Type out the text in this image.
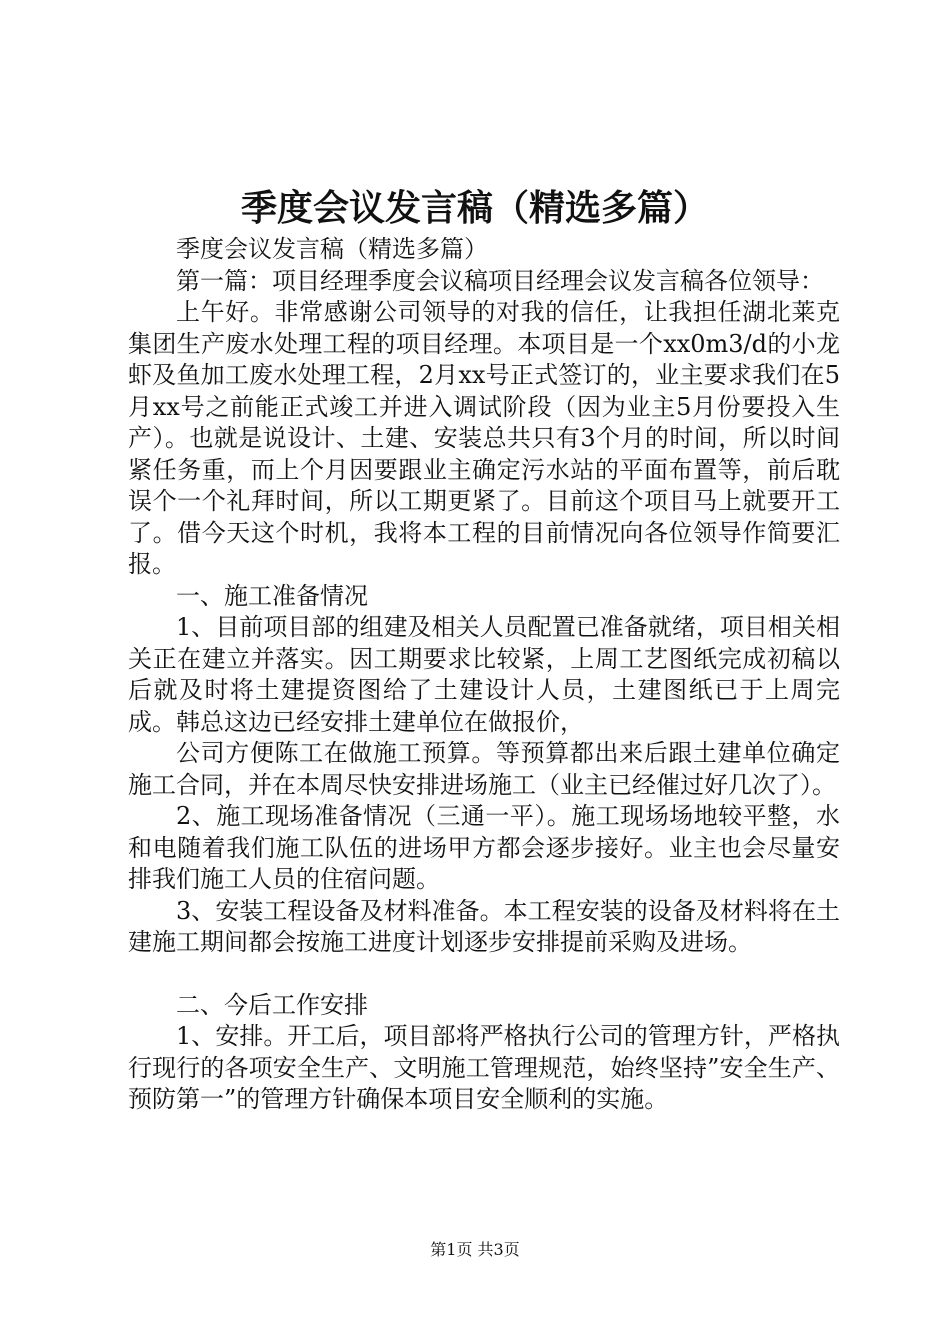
季度会议发言稿（精选多篇）

季度会议发言稿（精选多篇）

第一篇：项目经理季度会议稿项目经理会议发言稿各位领导：

上午好。非常感谢公司领导的对我的信任，让我担任湖北莱克集团生产废水处理工程的项目经理。本项目是一个xx0m3/d的小龙虾及鱼加工废水处理工程，2月xx号正式签订的，业主要求我们在5月xx号之前能正式竣工并进入调试阶段（因为业主5月份要投入生产）。也就是说设计、土建、安装总共只有3个月的时间，所以时间紧任务重，而上个月因要跟业主确定污水站的平面布置等，前后耽误个一个礼拜时间，所以工期更紧了。目前这个项目马上就要开工了。借今天这个时机，我将本工程的目前情况向各位领导作简要汇报。

一、施工准备情况

1、目前项目部的组建及相关人员配置已准备就绪，项目相关相关正在建立并落实。因工期要求比较紧，上周工艺图纸完成初稿以后就及时将土建提资图给了土建设计人员，土建图纸已于上周完成。韩总这边已经安排土建单位在做报价，

公司方便陈工在做施工预算。等预算都出来后跟土建单位确定施工合同，并在本周尽快安排进场施工（业主已经催过好几次了）。

2、施工现场准备情况（三通一平）。施工现场场地较平整，水和电随着我们施工队伍的进场甲方都会逐步接好。业主也会尽量安排我们施工人员的住宿问题。

3、安装工程设备及材料准备。本工程安装的设备及材料将在土建施工期间都会按施工进度计划逐步安排提前采购及进场。

二、今后工作安排

1、安排。开工后，项目部将严格执行公司的管理方针，严格执行现行的各项安全生产、文明施工管理规范，始终坚持”安全生产、预防第一”的管理方针确保本项目安全顺利的实施。

第1页 共3页
